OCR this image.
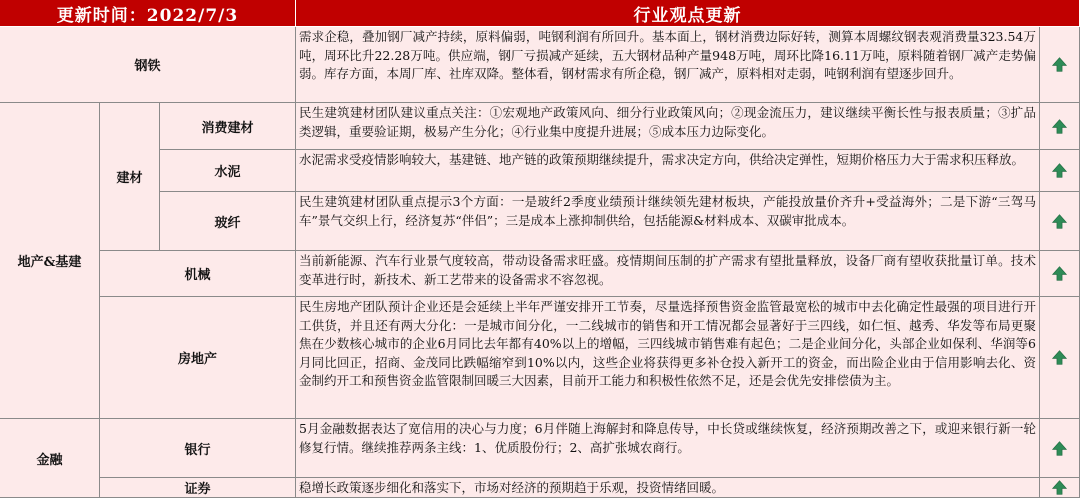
更新时间：2022/7/3	行业观点更新
钢铁
需求企稳，叠加钢厂减产持续，原料偏弱，吨钢利润有所回升。基本面上，钢材消费边际好转，测算本周螺纹钢表观消费量323.54万吨，周环比升22.28万吨。供应端，钢厂亏损减产延续，五大钢材品种产量948万吨，周环比降16.11万吨，原料随着钢厂减产走势偏弱。库存方面，本周厂库、社库双降。整体看，钢材需求有所企稳，钢厂减产，原料相对走弱，吨钢利润有望逐步回升。
地产&基建
建材
消费建材
民生建筑建材团队建议重点关注：①宏观地产政策风向、细分行业政策风向；②现金流压力，建议继续平衡长性与报表质量；③扩品类逻辑，重要验证期，极易产生分化；④行业集中度提升进展；⑤成本压力边际变化。
水泥
水泥需求受疫情影响较大，基建链、地产链的政策预期继续提升，需求决定方向，供给决定弹性，短期价格压力大于需求积压释放。
玻纤
民生建筑建材团队重点提示3个方面：一是玻纤2季度业绩预计继续领先建材板块，产能投放量价齐升+受益海外；二是下游“三驾马车”景气交织上行，经济复苏“伴侣”；三是成本上涨抑制供给，包括能源&材料成本、双碳审批成本。
机械
当前新能源、汽车行业景气度较高，带动设备需求旺盛。疫情期间压制的扩产需求有望批量释放，设备厂商有望收获批量订单。技术变革进行时，新技术、新工艺带来的设备需求不容忽视。
房地产
民生房地产团队预计企业还是会延续上半年严谨安排开工节奏，尽量选择预售资金监管最宽松的城市中去化确定性最强的项目进行开工供货，并且还有两大分化：一是城市间分化，一二线城市的销售和开工情况都会显著好于三四线，如仁恒、越秀、华发等布局更聚焦在少数核心城市的企业6月同比去年都有40%以上的增幅，三四线城市销售难有起色；二是企业间分化，头部企业如保利、华润等6月同比回正，招商、金茂同比跌幅缩窄到10%以内，这些企业将获得更多补仓投入新开工的资金，而出险企业由于信用影响去化、资金制约开工和预售资金监管限制回暖三大因素，目前开工能力和积极性依然不足，还是会优先安排偿债为主。
金融
银行
5月金融数据表达了宽信用的决心与力度；6月伴随上海解封和降息传导，中长贷或继续恢复，经济预期改善之下，或迎来银行新一轮修复行情。继续推荐两条主线：1、优质股份行；2、高扩张城农商行。
证券	稳增长政策逐步细化和落实下，市场对经济的预期趋于乐观，投资情绪回暖。
